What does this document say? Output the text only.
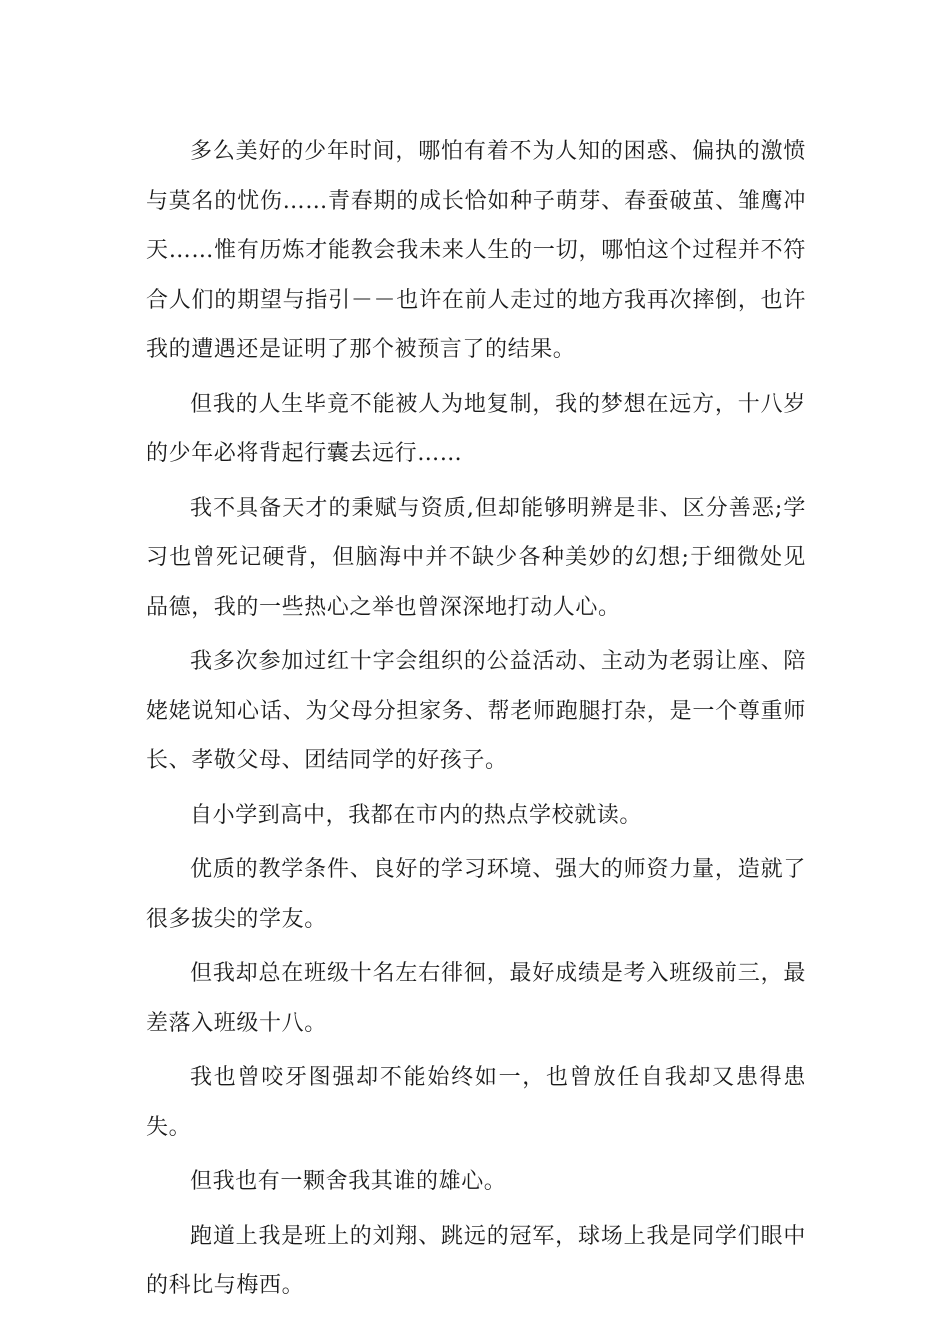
多么美好的少年时间，哪怕有着不为人知的困惑、偏执的激愤与莫名的忧伤……青春期的成长恰如种子萌芽、春蚕破茧、雏鹰冲天……惟有历炼才能教会我未来人生的一切，哪怕这个过程并不符合人们的期望与指引－－也许在前人走过的地方我再次摔倒，也许我的遭遇还是证明了那个被预言了的结果。

但我的人生毕竟不能被人为地复制，我的梦想在远方，十八岁的少年必将背起行囊去远行……

我不具备天才的秉赋与资质,但却能够明辨是非、区分善恶;学习也曾死记硬背，但脑海中并不缺少各种美妙的幻想;于细微处见品德，我的一些热心之举也曾深深地打动人心。

我多次参加过红十字会组织的公益活动、主动为老弱让座、陪姥姥说知心话、为父母分担家务、帮老师跑腿打杂，是一个尊重师长、孝敬父母、团结同学的好孩子。

自小学到高中，我都在市内的热点学校就读。

优质的教学条件、良好的学习环境、强大的师资力量，造就了很多拔尖的学友。

但我却总在班级十名左右徘徊，最好成绩是考入班级前三，最差落入班级十八。

我也曾咬牙图强却不能始终如一，也曾放任自我却又患得患失。

但我也有一颗舍我其谁的雄心。

跑道上我是班上的刘翔、跳远的冠军，球场上我是同学们眼中的科比与梅西。
